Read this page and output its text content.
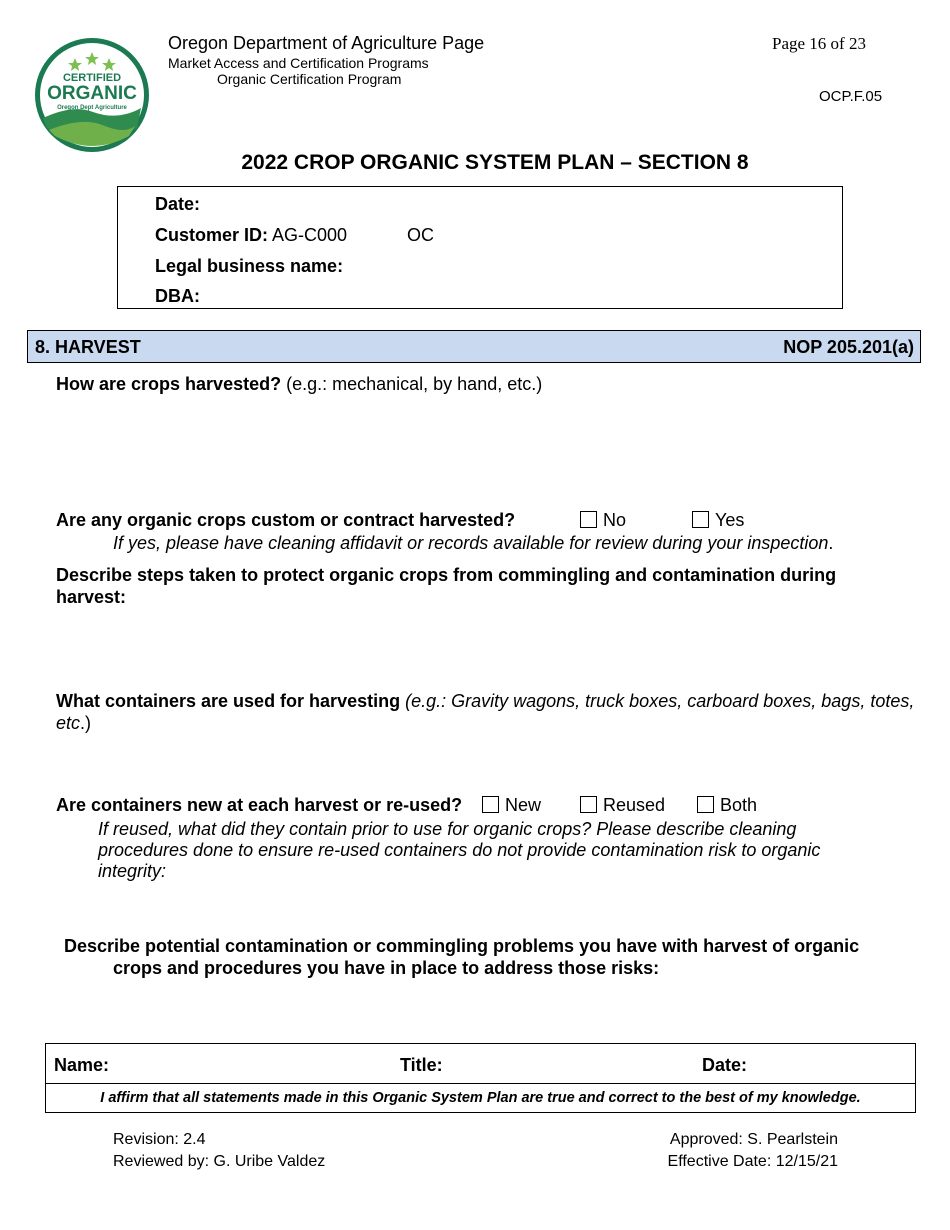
CERTIFIED
ORGANIC
Oregon Dept Agriculture
Oregon Department of Agriculture Page
Market Access and Certification Programs
Organic Certification Program
Page 16 of 23
OCP.F.05
2022 CROP ORGANIC SYSTEM PLAN – SECTION 8
Date:
Customer ID: AG-C000	OC
Legal business name:
DBA:
8. HARVEST	NOP 205.201(a)
How are crops harvested? (e.g.: mechanical, by hand, etc.)
Are any organic crops custom or contract harvested?	No	Yes
If yes, please have cleaning affidavit or records available for review during your inspection.
Describe steps taken to protect organic crops from commingling and contamination during harvest:
What containers are used for harvesting (e.g.: Gravity wagons, truck boxes, carboard boxes, bags, totes, etc.)
Are containers new at each harvest or re-used?	New	Reused	Both
If reused, what did they contain prior to use for organic crops? Please describe cleaning procedures done to ensure re-used containers do not provide contamination risk to organic integrity:
Describe potential contamination or commingling problems you have with harvest of organic
crops and procedures you have in place to address those risks:
Name:	Title:	Date:
I affirm that all statements made in this Organic System Plan are true and correct to the best of my knowledge.
Revision: 2.4
Reviewed by: G. Uribe Valdez
Approved: S. Pearlstein
Effective Date: 12/15/21
